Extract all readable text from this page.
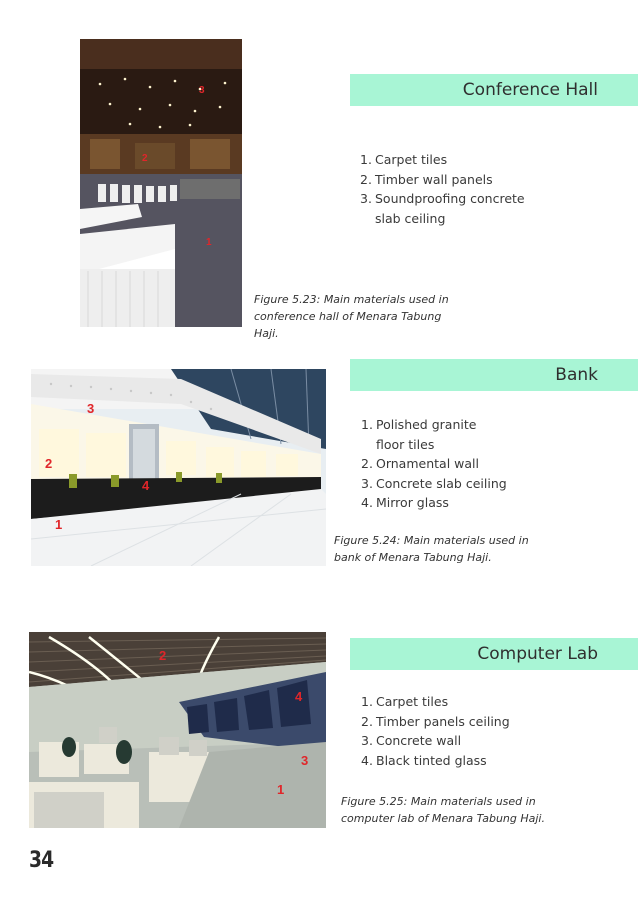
3
2
1
Conference Hall
1. Carpet tiles
2. Timber wall panels
3. Soundproofing concrete slab ceiling
Figure 5.23: Main materials used in conference hall of Menara Tabung Haji.
3
2
4
1
Bank
1. Polished granite floor tiles
2. Ornamental wall
3. Concrete slab ceiling
4. Mirror glass
Figure 5.24: Main materials used in bank of Menara Tabung Haji.
2
4
3
1
Computer Lab
1. Carpet tiles
2. Timber panels ceiling
3. Concrete wall
4. Black tinted glass
Figure 5.25: Main materials used in computer lab of Menara Tabung Haji.
34
